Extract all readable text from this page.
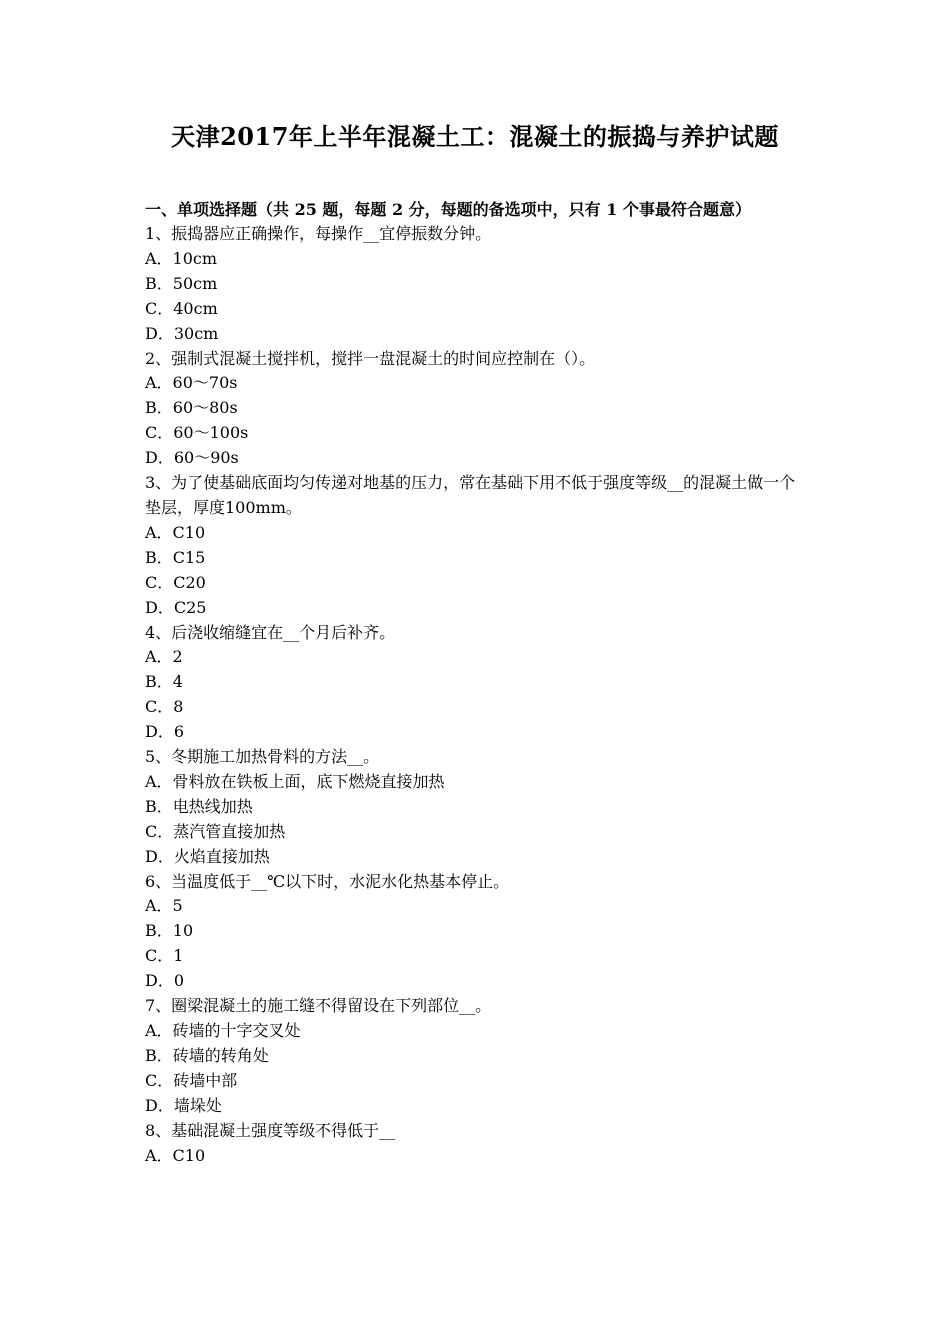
天津2017年上半年混凝土工：混凝土的振捣与养护试题

一、单项选择题（共 25 题，每题 2 分，每题的备选项中，只有 1 个事最符合题意）

1、振捣器应正确操作，每操作__宜停振数分钟。

A．10cm

B．50cm

C．40cm

D．30cm

2、强制式混凝土搅拌机，搅拌一盘混凝土的时间应控制在（）。

A．60～70s

B．60～80s

C．60～100s

D．60～90s

3、为了使基础底面均匀传递对地基的压力，常在基础下用不低于强度等级__的混凝土做一个垫层，厚度100mm。

A．C10

B．C15

C．C20

D．C25

4、后浇收缩缝宜在__个月后补齐。

A．2

B．4

C．8

D．6

5、冬期施工加热骨料的方法__。

A．骨料放在铁板上面，底下燃烧直接加热

B．电热线加热

C．蒸汽管直接加热

D．火焰直接加热

6、当温度低于__℃以下时，水泥水化热基本停止。

A．5

B．10

C．1

D．0

7、圈梁混凝土的施工缝不得留设在下列部位__。

A．砖墙的十字交叉处

B．砖墙的转角处

C．砖墙中部

D．墙垛处

8、基础混凝土强度等级不得低于__

A．C10
